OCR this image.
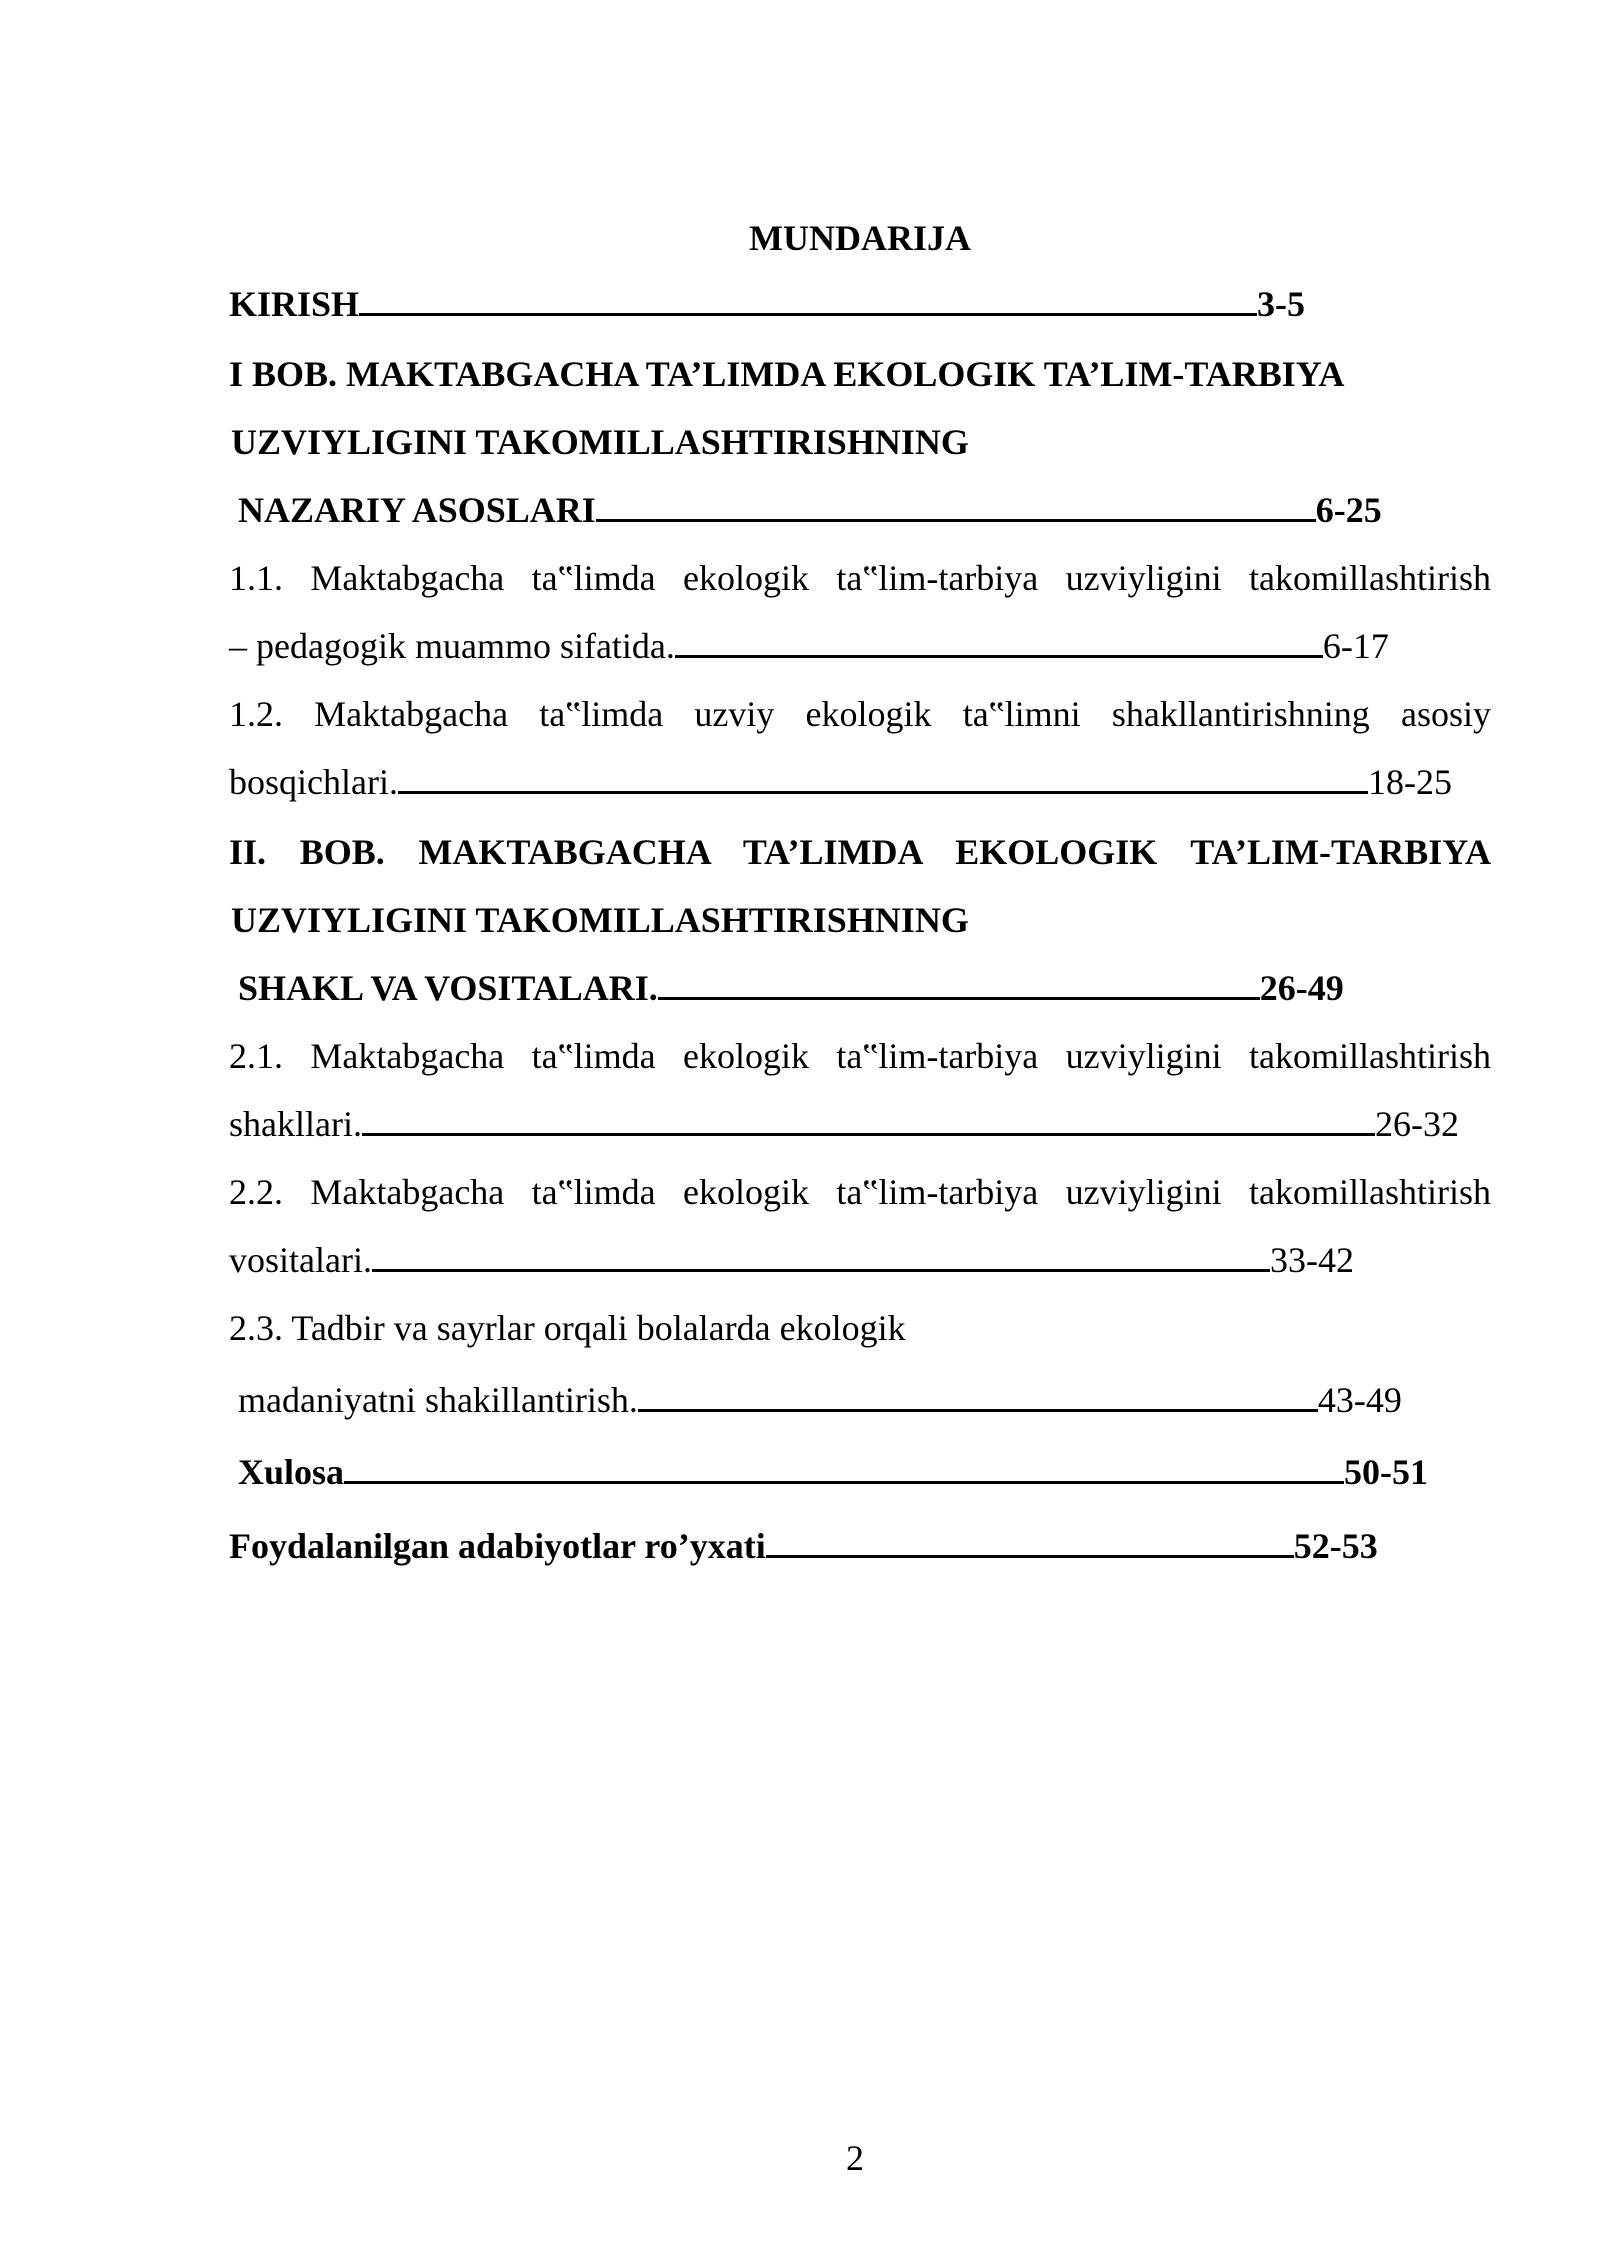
MUNDARIJA
KIRISH	3-5
I BOB. MAKTABGACHA TA’LIMDA EKOLOGIK TA’LIM-TARBIYA
UZVIYLIGINI TAKOMILLASHTIRISHNING
NAZARIY ASOSLARI	6-25
1.1. Maktabgacha ta‟limda ekologik ta‟lim-tarbiya uzviyligini takomillashtirish
– pedagogik muammo sifatida.	6-17
1.2. Maktabgacha ta‟limda uzviy ekologik ta‟limni shakllantirishning asosiy
bosqichlari.	18-25
II. BOB. MAKTABGACHA TA’LIMDA EKOLOGIK TA’LIM-TARBIYA
UZVIYLIGINI TAKOMILLASHTIRISHNING
SHAKL VA VOSITALARI.	26-49
2.1. Maktabgacha ta‟limda ekologik ta‟lim-tarbiya uzviyligini takomillashtirish
shakllari.	26-32
2.2. Maktabgacha ta‟limda ekologik ta‟lim-tarbiya uzviyligini takomillashtirish
vositalari.	33-42
2.3. Tadbir va sayrlar orqali bolalarda ekologik
madaniyatni shakillantirish.	43-49
Xulosa	50-51
Foydalanilgan adabiyotlar ro’yxati	52-53
2
